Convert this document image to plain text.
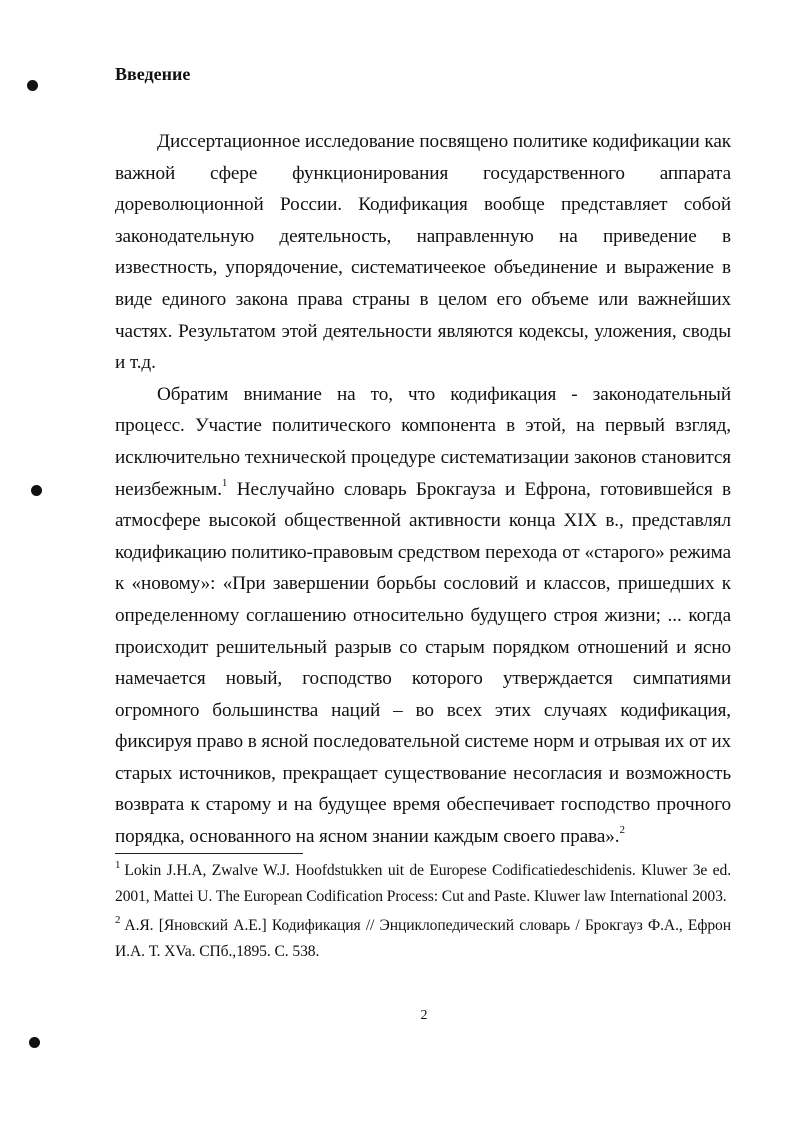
Введение

Диссертационное исследование посвящено политике кодификации как важной сфере функционирования государственного аппарата дореволюционной России. Кодификация вообще представляет собой законодательную деятельность, направленную на приведение в известность, упорядочение, систематичеекое объединение и выражение в виде единого закона права страны в целом его объеме или важнейших частях. Результатом этой деятельности являются кодексы, уложения, своды и т.д.

Обратим внимание на то, что кодификация - законодательный процесс. Участие политического компонента в этой, на первый взгляд, исключительно технической процедуре систематизации законов становится неизбежным.$^1$ Неслучайно словарь Брокгауза и Ефрона, готовившейся в атмосфере высокой общественной активности конца XIX в., представлял кодификацию политико-правовым средством перехода от «старого» режима к «новому»: «При завершении борьбы сословий и классов, пришедших к определенному соглашению относительно будущего строя жизни; ... когда происходит решительный разрыв со старым порядком отношений и ясно намечается новый, господство которого утверждается симпатиями огромного большинства наций – во всех этих случаях кодификация, фиксируя право в ясной последовательной системе норм и отрывая их от их старых источников, прекращает существование несогласия и возможность возврата к старому и на будущее время обеспечивает господство прочного порядка, основанного на ясном знании каждым своего права».$^2$

$^1$ Lokin J.H.A, Zwalve W.J. Hoofdstukken uit de Europese Codificatiedeschidenis. Kluwer 3e ed. 2001, Mattei U. The European Codification Process: Cut and Paste. Kluwer law International 2003.

$^2$ А.Я. [Яновский А.Е.] Кодификация // Энциклопедический словарь / Брокгауз Ф.А., Ефрон И.А. Т. XVa. СПб.,1895. С. 538.

2
